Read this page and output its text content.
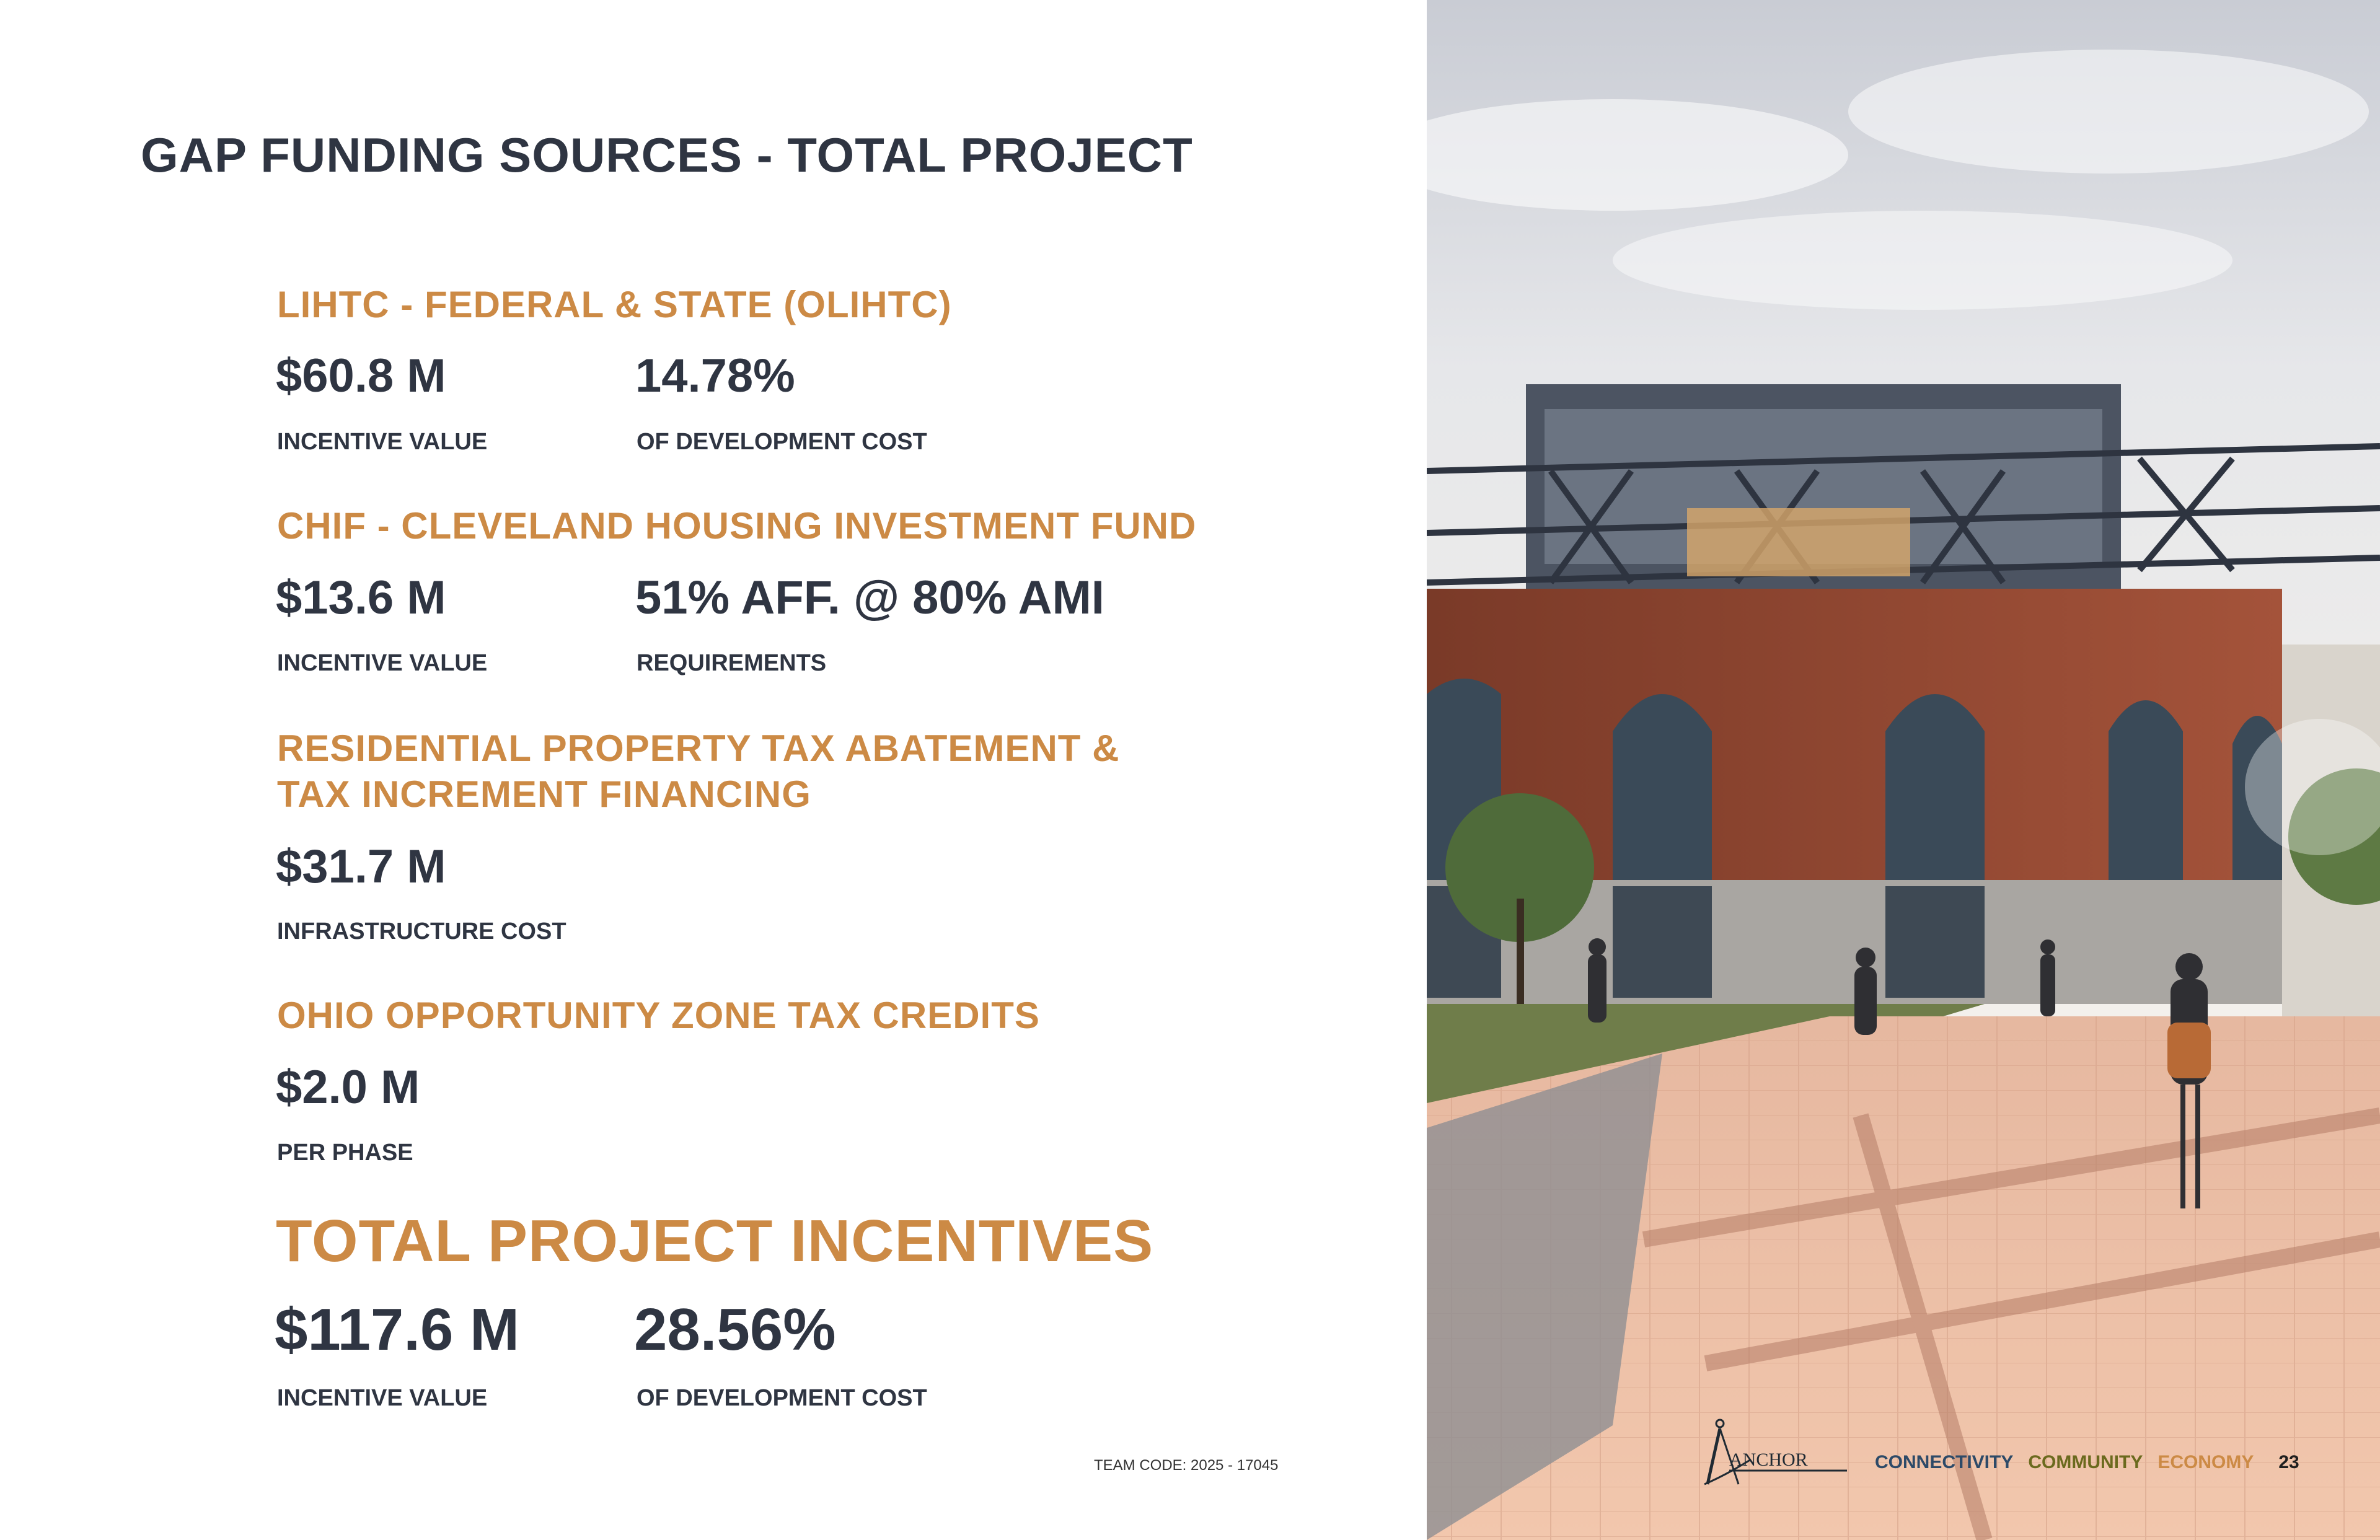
GAP FUNDING SOURCES - TOTAL PROJECT
LIHTC - FEDERAL & STATE (OLIHTC)
$60.8 M	14.78%
INCENTIVE VALUE	OF DEVELOPMENT COST
CHIF - CLEVELAND HOUSING INVESTMENT FUND
$13.6 M	51% AFF. @ 80% AMI
INCENTIVE VALUE	REQUIREMENTS
RESIDENTIAL PROPERTY TAX ABATEMENT &
TAX INCREMENT FINANCING
$31.7 M
INFRASTRUCTURE COST
OHIO OPPORTUNITY ZONE TAX CREDITS
$2.0 M
PER PHASE
TOTAL PROJECT INCENTIVES
$117.6 M 28.56%
INCENTIVE VALUE	OF DEVELOPMENT COST
TEAM CODE: 2025 - 17045	ANCHOR	CONNECTIVITY COMMUNITY ECONOMY 23
